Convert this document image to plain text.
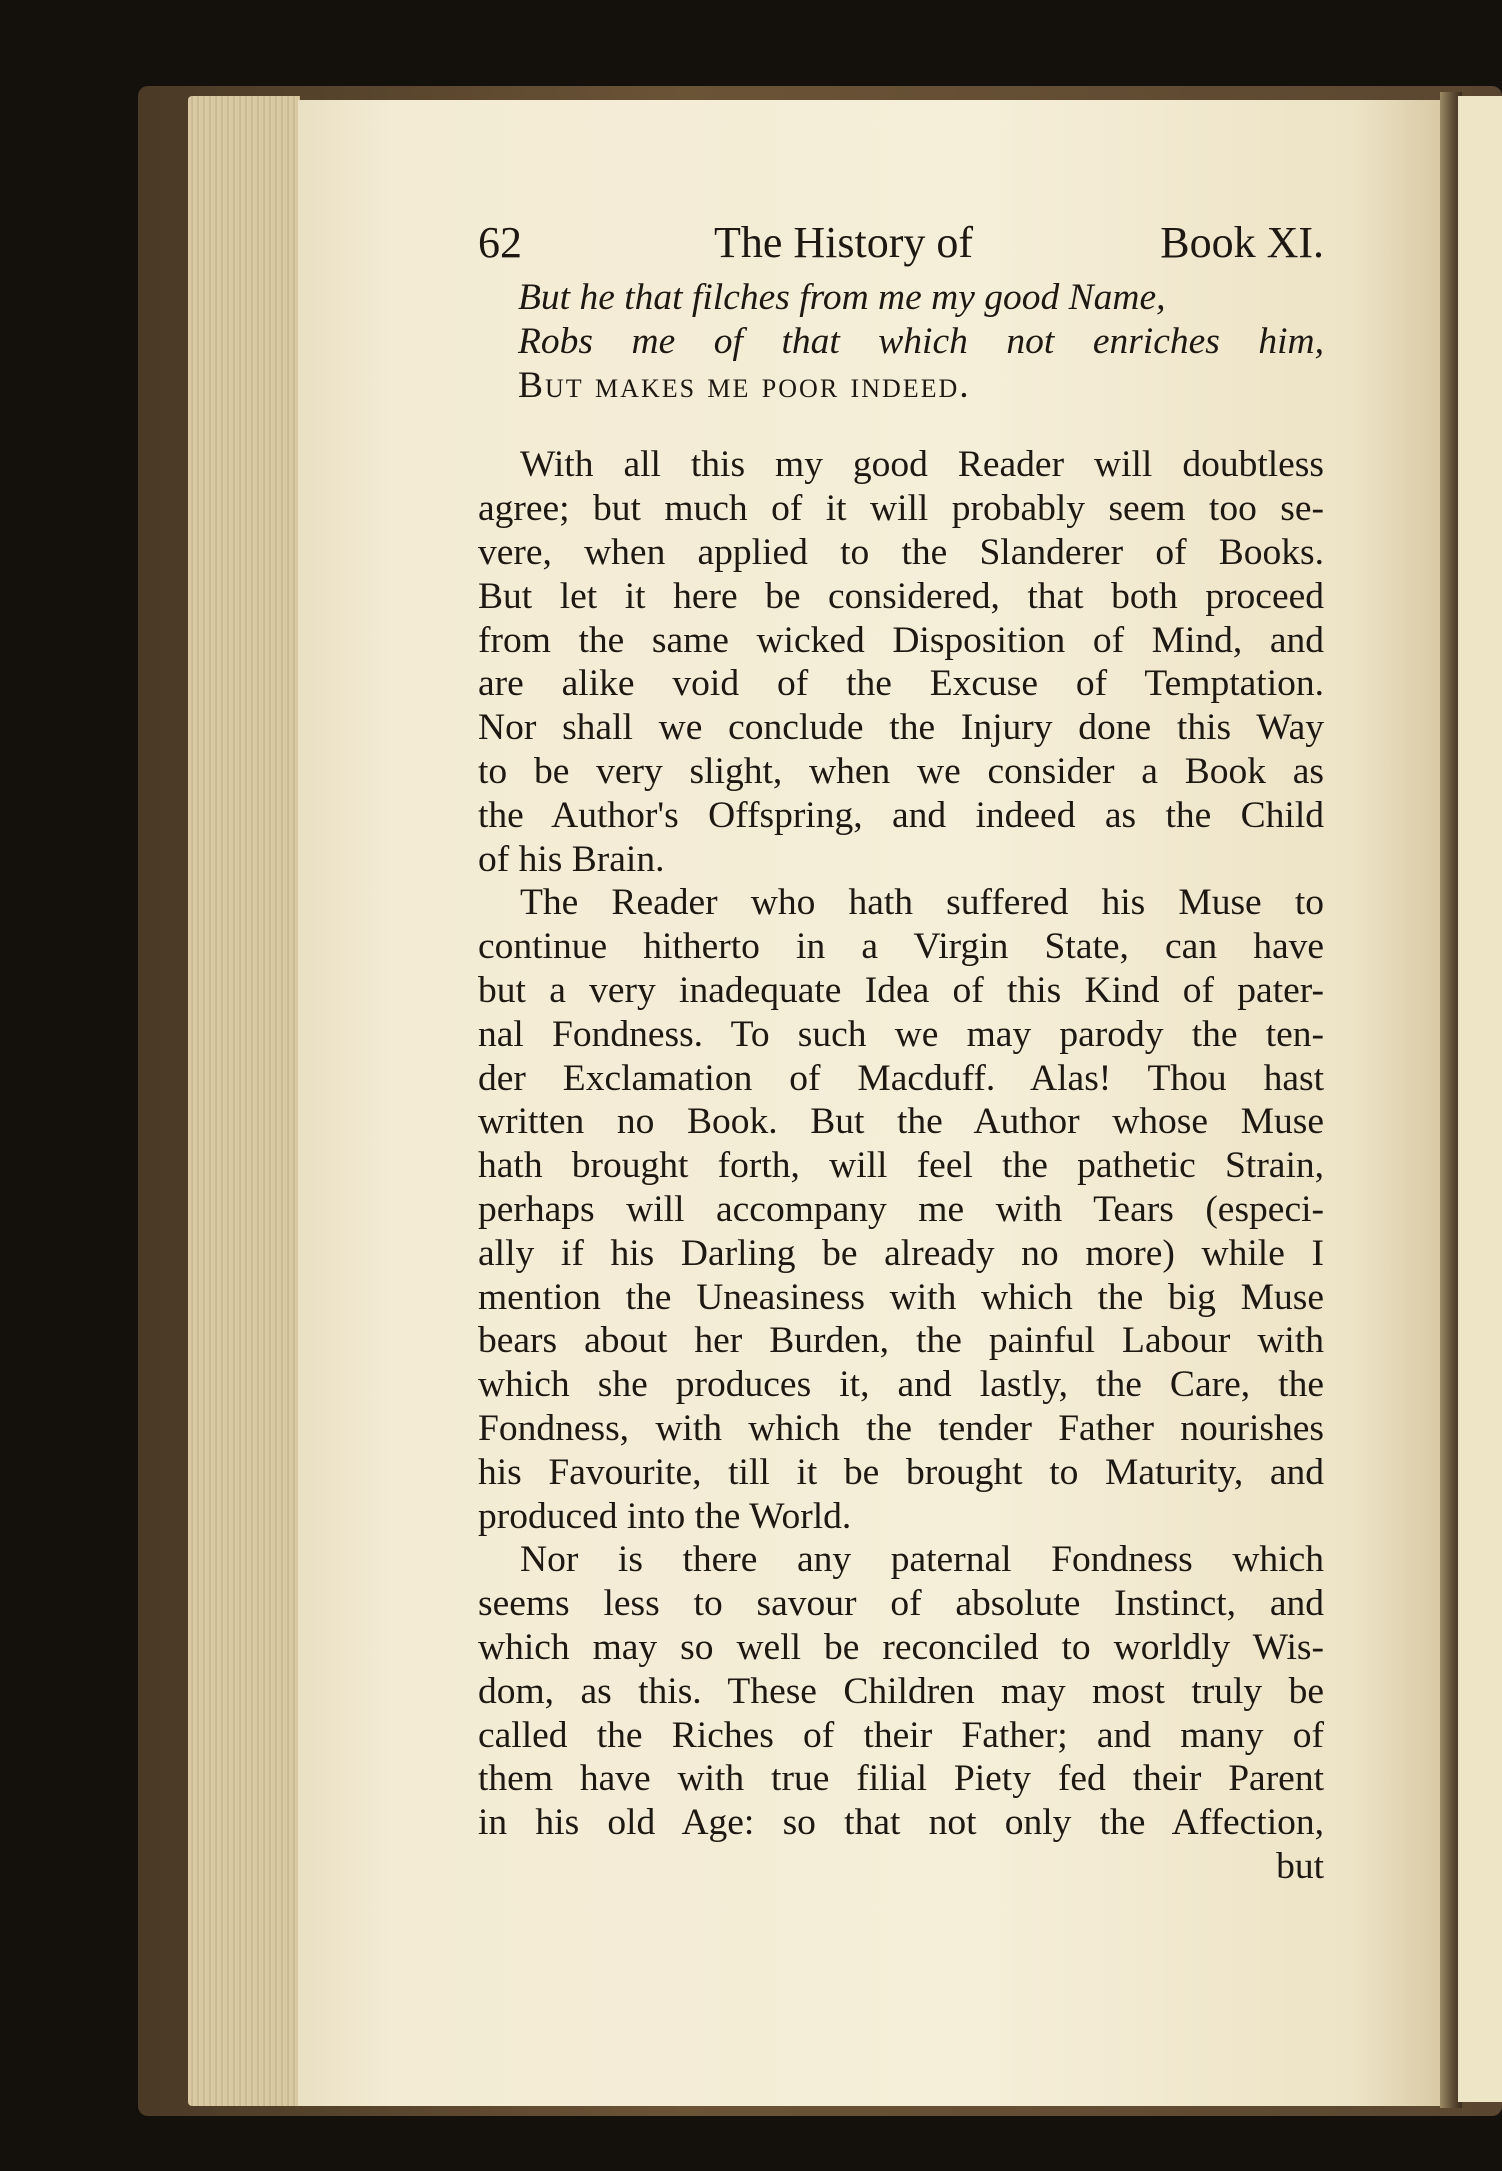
62	The History of	Book XI.
But he that filches from me my good Name,
Robs me of that which not enriches him,
But makes me poor indeed.
With all this my good Reader will doubtless
agree; but much of it will probably seem too se-
vere, when applied to the Slanderer of Books.
But let it here be considered, that both proceed
from the same wicked Disposition of Mind, and
are alike void of the Excuse of Temptation.
Nor shall we conclude the Injury done this Way
to be very slight, when we consider a Book as
the Author's Offspring, and indeed as the Child
of his Brain.
The Reader who hath suffered his Muse to
continue hitherto in a Virgin State, can have
but a very inadequate Idea of this Kind of pater-
nal Fondness. To such we may parody the ten-
der Exclamation of Macduff. Alas! Thou hast
written no Book. But the Author whose Muse
hath brought forth, will feel the pathetic Strain,
perhaps will accompany me with Tears (especi-
ally if his Darling be already no more) while I
mention the Uneasiness with which the big Muse
bears about her Burden, the painful Labour with
which she produces it, and lastly, the Care, the
Fondness, with which the tender Father nourishes
his Favourite, till it be brought to Maturity, and
produced into the World.
Nor is there any paternal Fondness which
seems less to savour of absolute Instinct, and
which may so well be reconciled to worldly Wis-
dom, as this. These Children may most truly be
called the Riches of their Father; and many of
them have with true filial Piety fed their Parent
in his old Age: so that not only the Affection,
but
